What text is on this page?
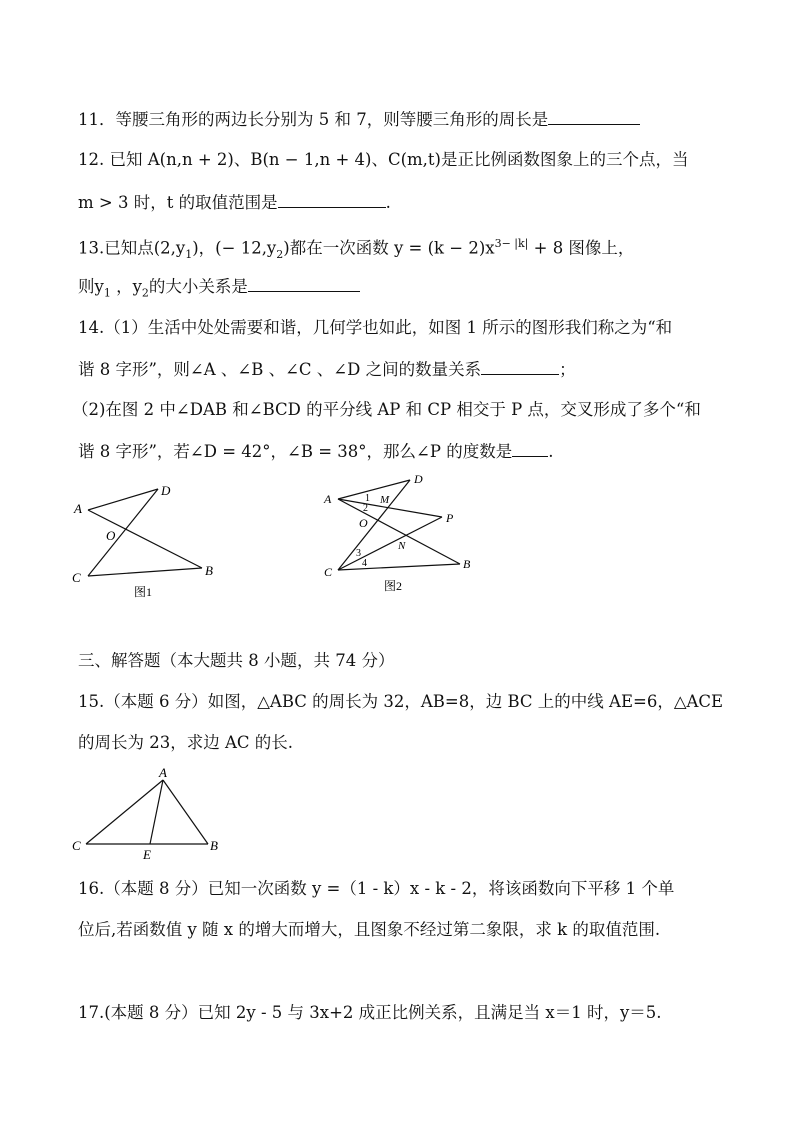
11．等腰三角形的两边长分别为 5 和 7，则等腰三角形的周长是
12. 已知 A(n,n + 2)、B(n − 1,n + 4)、C(m,t)是正比例函数图象上的三个点，当
m > 3 时，t 的取值范围是	.
13.已知点$(2,y_1)$，(− $12,y_2$)都在一次函数 $y = (k - 2)x^{3- |k|} + 8$ 图像上，
则$y_1$ ，$y_2$的大小关系是
14.（1）生活中处处需要和谐，几何学也如此，如图 1 所示的图形我们称之为“和
谐 8 字形”，则∠A 、∠B 、∠C 、∠D 之间的数量关系	；
（2)在图 2 中∠DAB 和∠BCD 的平分线 AP 和 CP 相交于 P 点，交叉形成了多个“和
谐 8 字形”，若∠D = 42°，∠B = 38°，那么∠P 的度数是 .
A
D
O
C	B
图1
A
D
M
P
O
N
1
2
3
4
C
B
图2
三、解答题（本大题共 8 小题，共 74 分）
15.（本题 6 分）如图，△ABC 的周长为 32，AB=8，边 BC 上的中线 AE=6，△ACE
的周长为 23，求边 AC 的长.
A
C	B
E
16.（本题 8 分）已知一次函数 y =（1 - k）x - k - 2，将该函数向下平移 1 个单
位后,若函数值 y 随 x 的增大而增大，且图象不经过第二象限，求 k 的取值范围.
17.(本题 8 分）已知 2y - 5 与 3x+2 成正比例关系，且满足当 x＝1 时，y＝5.
